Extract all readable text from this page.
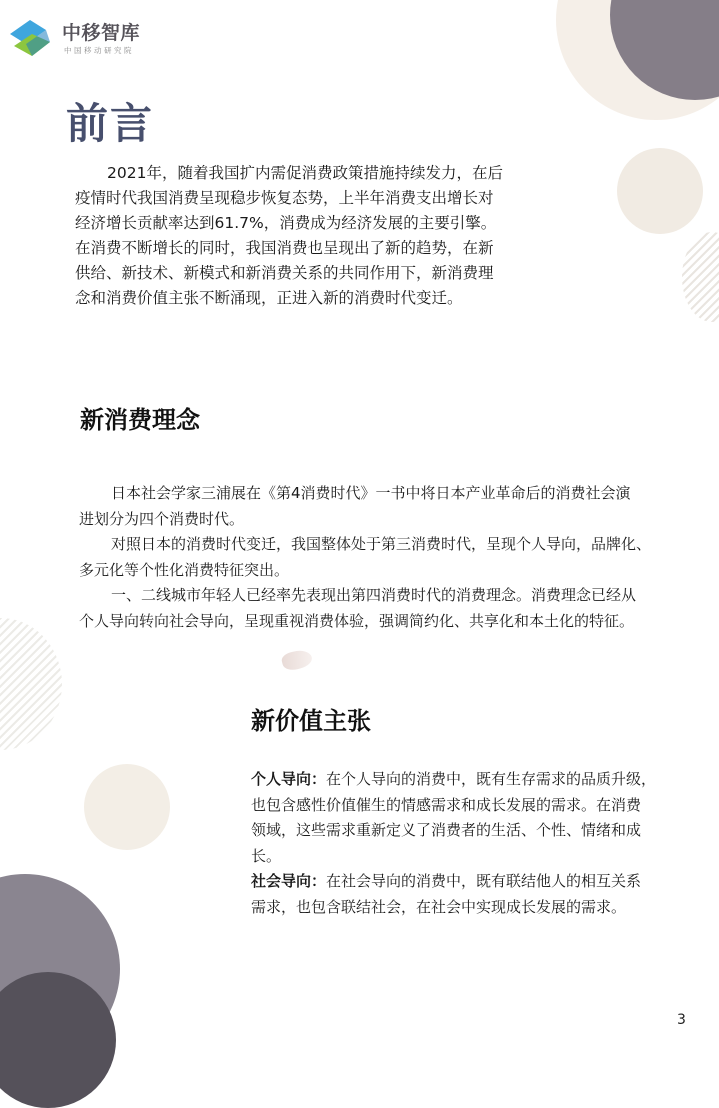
中移智库
中国移动研究院
前言

2021年，随着我国扩内需促消费政策措施持续发力，在后
疫情时代我国消费呈现稳步恢复态势，上半年消费支出增长对
经济增长贡献率达到61.7%，消费成为经济发展的主要引擎。
在消费不断增长的同时，我国消费也呈现出了新的趋势，在新
供给、新技术、新模式和新消费关系的共同作用下，新消费理
念和消费价值主张不断涌现，正进入新的消费时代变迁。

新消费理念

日本社会学家三浦展在《第4消费时代》一书中将日本产业革命后的消费社会演
进划分为四个消费时代。
对照日本的消费时代变迁，我国整体处于第三消费时代，呈现个人导向，品牌化、
多元化等个性化消费特征突出。
一、二线城市年轻人已经率先表现出第四消费时代的消费理念。消费理念已经从
个人导向转向社会导向，呈现重视消费体验，强调简约化、共享化和本土化的特征。

新价值主张

个人导向：在个人导向的消费中，既有生存需求的品质升级，
也包含感性价值催生的情感需求和成长发展的需求。在消费
领域，这些需求重新定义了消费者的生活、个性、情绪和成
长。
社会导向：在社会导向的消费中，既有联结他人的相互关系
需求，也包含联结社会，在社会中实现成长发展的需求。

3
